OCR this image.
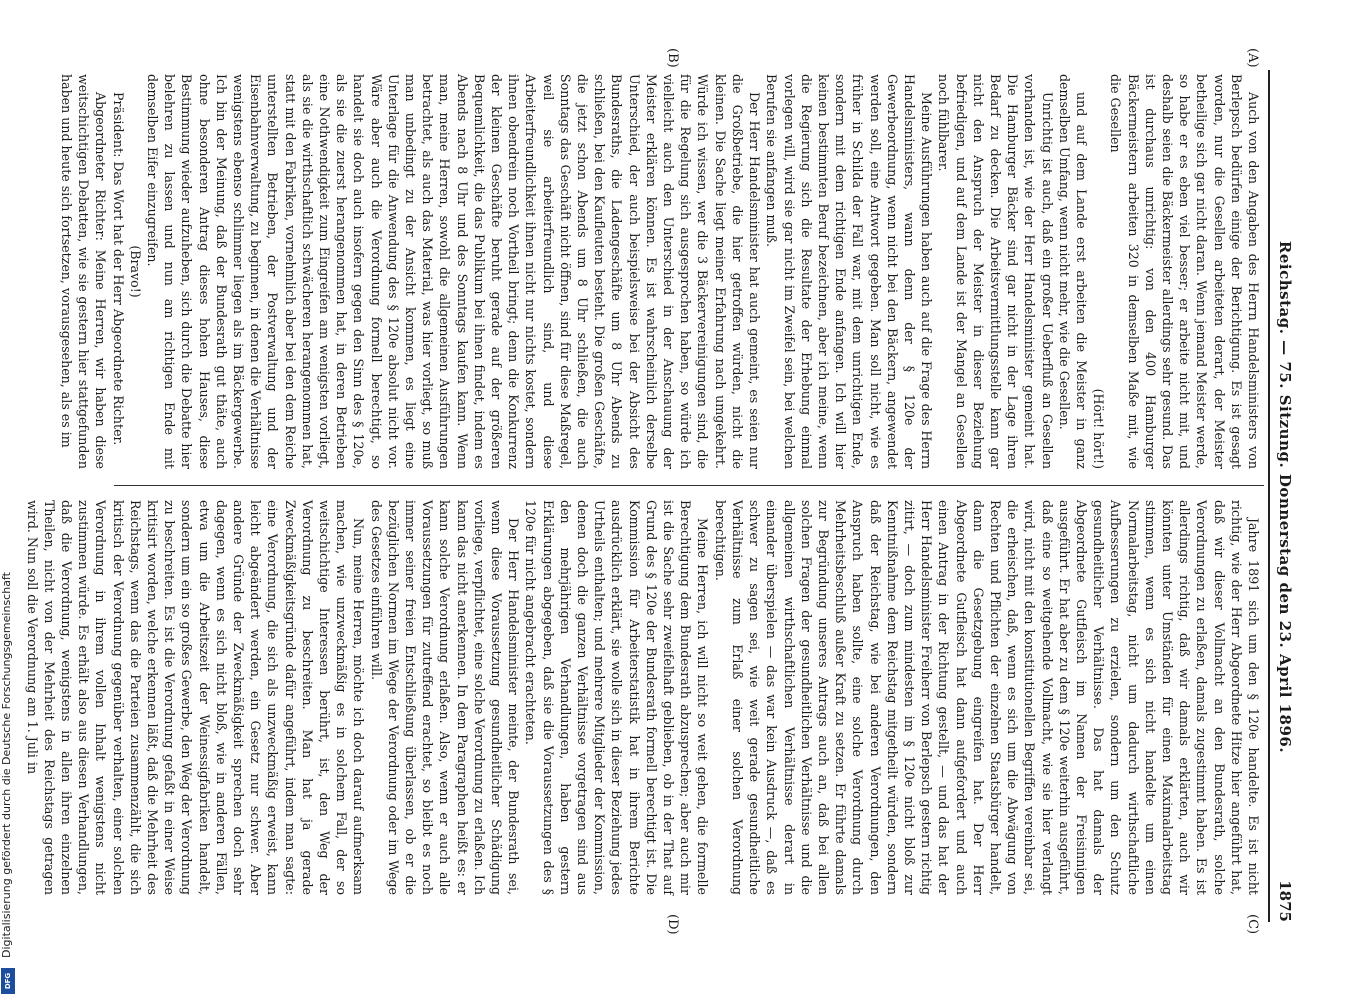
Digitalisierung gefördert durch die Deutsche Forschungsgemeinschaft
DFG
Reichstag. — 75. Sitzung. Donnerstag den 23. April 1896.
1875
(A)
(B)
(C)
(D)

Auch von den Angaben des Herrn Handelsministers von Berlepsch bedürfen einige der Berichtigung. Es ist gesagt worden, nur die Gesellen arbeiteten derart, der Meister betheilige sich gar nicht daran. Wenn jemand Meister werde, so habe er es eben viel besser; er arbeite nicht mit, und deshalb seien die Bäckermeister allerdings sehr gesund. Das ist durchaus unrichtig: von den 400 Hamburger Bäckermeistern arbeiten 320 in demselben Maße mit, wie die Gesellen

(Hört! hört!)

und auf dem Lande erst arbeiten die Meister in ganz demselben Umfang, wenn nicht mehr, wie die Gesellen.

Unrichtig ist auch, daß ein großer Ueberfluß an Gesellen vorhanden ist, wie der Herr Handelsminister gemeint hat. Die Hamburger Bäcker sind gar nicht in der Lage ihren Bedarf zu decken. Die Arbeitsvermittlungsstelle kann gar nicht den Anspruch der Meister in dieser Beziehung befriedigen, und auf dem Lande ist der Mangel an Gesellen noch fühlbarer.

Meine Ausführungen haben auch auf die Frage des Herrn Handelsministers, wann denn der § 120e der Gewerbeordnung, wenn nicht bei den Bäckern, angewendet werden soll, eine Antwort gegeben. Man soll nicht, wie es früher in Schilda der Fall war, mit dem unrichtigen Ende, sondern mit dem richtigen Ende anfangen. Ich will hier keinen bestimmten Beruf bezeichnen, aber ich meine, wenn die Regierung sich die Resultate der Erhebung einmal vorlegen will, wird sie gar nicht im Zweifel sein, bei welchen Berufen sie anfangen muß.

Der Herr Handelsminister hat auch gemeint, es seien nur die Großbetriebe, die hier getroffen würden, nicht die kleinen. Die Sache liegt meiner Erfahrung nach umgekehrt. Würde ich wissen, wer die 3 Bäckervereinigungen sind, die für die Regelung sich ausgesprochen haben, so würde ich vielleicht auch den Unterschied in der Anschauung der Meister erklären können. Es ist wahrscheinlich derselbe Unterschied, der auch beispielsweise bei der Absicht des Bundesraths, die Ladengeschäfte um 8 Uhr Abends zu schließen, bei den Kaufleuten besteht. Die großen Geschäfte, die jetzt schon Abends um 8 Uhr schließen, die auch Sonntags das Geschäft nicht öffnen, sind für diese Maßregel, weil sie arbeiterfreundlich sind, und diese Arbeiterfreundlichkeit ihnen nicht nur nichts kostet, sondern ihnen obendrein noch Vortheil bringt; denn die Konkurrenz der kleinen Geschäfte beruht gerade auf der größeren Bequemlichkeit, die das Publikum bei ihnen findet, indem es Abends nach 8 Uhr und des Sonntags kaufen kann. Wenn man, meine Herren, sowohl die allgemeinen Ausführungen betrachtet, als auch das Material, was hier vorliegt, so muß man unbedingt zu der Ansicht kommen, es liegt eine Unterlage für die Anwendung des § 120e absolut nicht vor. Wäre aber auch die Verordnung formell berechtigt, so handelt sie doch auch insofern gegen den Sinn des § 120e, als sie die zuerst herangenommen hat, in deren Betrieben eine Nothwendigkeit zum Eingreifen am wenigsten vorliegt, als sie die wirthschaftlich schwächeren herangenommen hat, statt mit den Fabriken, vornehmlich aber bei den dem Reiche unterstellten Betrieben, der Postverwaltung und der Eisenbahnverwaltung, zu beginnen, in denen die Verhältnisse wenigstens ebenso schlimmer liegen als im Bäckergewerbe. Ich bin der Meinung, daß der Bundesrath gut thäte, auch ohne besonderen Antrag dieses hohen Hauses, diese Bestimmung wieder aufzuheben, sich durch die Debatte hier belehren zu lassen und nun am richtigen Ende mit demselben Eifer einzugreifen.

(Bravo!)

Präsident: Das Wort hat der Herr Abgeordnete Richter.

Abgeordneter Richter: Meine Herren, wir haben diese weitschichtigen Debatten, wie sie gestern hier stattgefunden haben und heute sich fortsetzen, vorausgesehen, als es im

Jahre 1891 sich um den § 120e handelte. Es ist nicht richtig, wie der Herr Abgeordnete Hitze hier angeführt hat, daß wir dieser Vollmacht an den Bundesrath, solche Verordnungen zu erlaßen, damals zugestimmt haben. Es ist allerdings richtig, daß wir damals erklärten, auch wir könnten unter Umständen für einen Maximalarbeitstag stimmen, wenn es sich nicht handelte um einen Normalarbeitstag, nicht um dadurch wirthschaftliche Aufbesserungen zu erzielen, sondern um den Schutz gesundheitlicher Verhältnisse. Das hat damals der Abgeordnete Gutfleisch im Namen der Freisinnigen ausgeführt. Er hat aber zu dem § 120e weiterhin ausgeführt, daß eine so weitgehende Vollmacht, wie sie hier verlangt wird, nicht mit den konstitutionellen Begriffen vereinbar sei, die erheischen, daß, wenn es sich um die Abwägung von Rechten und Pflichten der einzelnen Staatsbürger handelt, dann die Gesetzgebung eingreifen hat. Der Herr Abgeordnete Gutfleisch hat dann aufgefordert und auch einen Antrag in der Richtung gestellt, — und das hat der Herr Handelsminister Freiherr von Berlepsch gestern richtig zitirt, — doch zum mindesten im § 120e nicht bloß zur Kenntnißnahme dem Reichstag mitgetheilt würden, sondern daß der Reichstag, wie bei anderen Verordnungen, den Anspruch haben sollte, eine solche Verordnung durch Mehrheitsbeschluß außer Kraft zu setzen. Er führte damals zur Begründung unseres Antrags auch an, daß bei allen solchen Fragen der gesundheitlichen Verhältnisse und die allgemeinen wirthschaftlichen Verhältnisse derart in einander überspielen — das war kein Ausdruck —, daß es schwer zu sagen sei, wie weit gerade gesundheitliche Verhältnisse zum Erlaß einer solchen Verordnung berechtigen.

Meine Herren, ich will nicht so weit gehen, die formelle Berechtigung dem Bundesrath abzusprechen; aber auch mir ist die Sache sehr zweifelhaft geblieben, ob in der That auf Grund des § 120e der Bundesrath formell berechtigt ist. Die Kommission für Arbeiterstatistik hat in ihrem Berichte ausdrücklich erklärt, sie wolle sich in dieser Beziehung jedes Urtheils enthalten; und mehrere Mitglieder der Kommission, denen doch die ganzen Verhältnisse vorgetragen sind aus den mehrjährigen Verhandlungen, haben gestern Erklärungen abgegeben, daß sie die Voraussetzungen des § 120e für nicht angebracht erachteten.

Der Herr Handelsminister meinte, der Bundesrath sei, wenn diese Voraussetzung gesundheitlicher Schädigung vorliege, verpflichtet, eine solche Verordnung zu erlaßen. Ich kann das nicht anerkennen. In dem Paragraphen heißt es: er kann solche Verordnung erlaßen. Also, wenn er auch alle Voraussetzungen für zutreffend erachtet, so bleibt es noch immer seiner freien Entschließung überlassen, ob er die bezüglichen Normen im Wege der Verordnung oder im Wege des Gesetzes einführen will.

Nun, meine Herren, möchte ich doch darauf aufmerksam machen, wie unzweckmäßig es in solchem Fall, der so weitschichtige Interessen berührt, ist, den Weg der Verordnung zu beschreiten. Man hat ja gerade Zweckmäßigkeitsgründe dafür angeführt, indem man sagte: eine Verordnung, die sich als unzweckmäßig erweist, kann leicht abgeändert werden, ein Gesetz nur schwer. Aber andere Gründe der Zweckmäßigkeit sprechen doch sehr dagegen, wenn es sich nicht bloß, wie in anderen Fällen, etwa um die Arbeitszeit der Weinessigfabriken handelt, sondern um ein so großes Gewerbe, den Weg der Verordnung zu beschreiten. Es ist die Verordnung gefaßt in einer Weise kritisirt worden, welche erkennen läßt, daß die Mehrheit des Reichstags, wenn das die Parteien zusammenzählt, die sich kritisch der Verordnung gegenüber verhalten, einer solchen Verordnung in ihrem vollen Inhalt wenigstens nicht zustimmen würde. Es erhält also aus diesen Verhandlungen, daß die Verordnung, wenigstens in allen ihren einzelnen Theilen, nicht von der Mehrheit des Reichstags getragen wird. Nun soll die Verordnung am 1. Juli in
